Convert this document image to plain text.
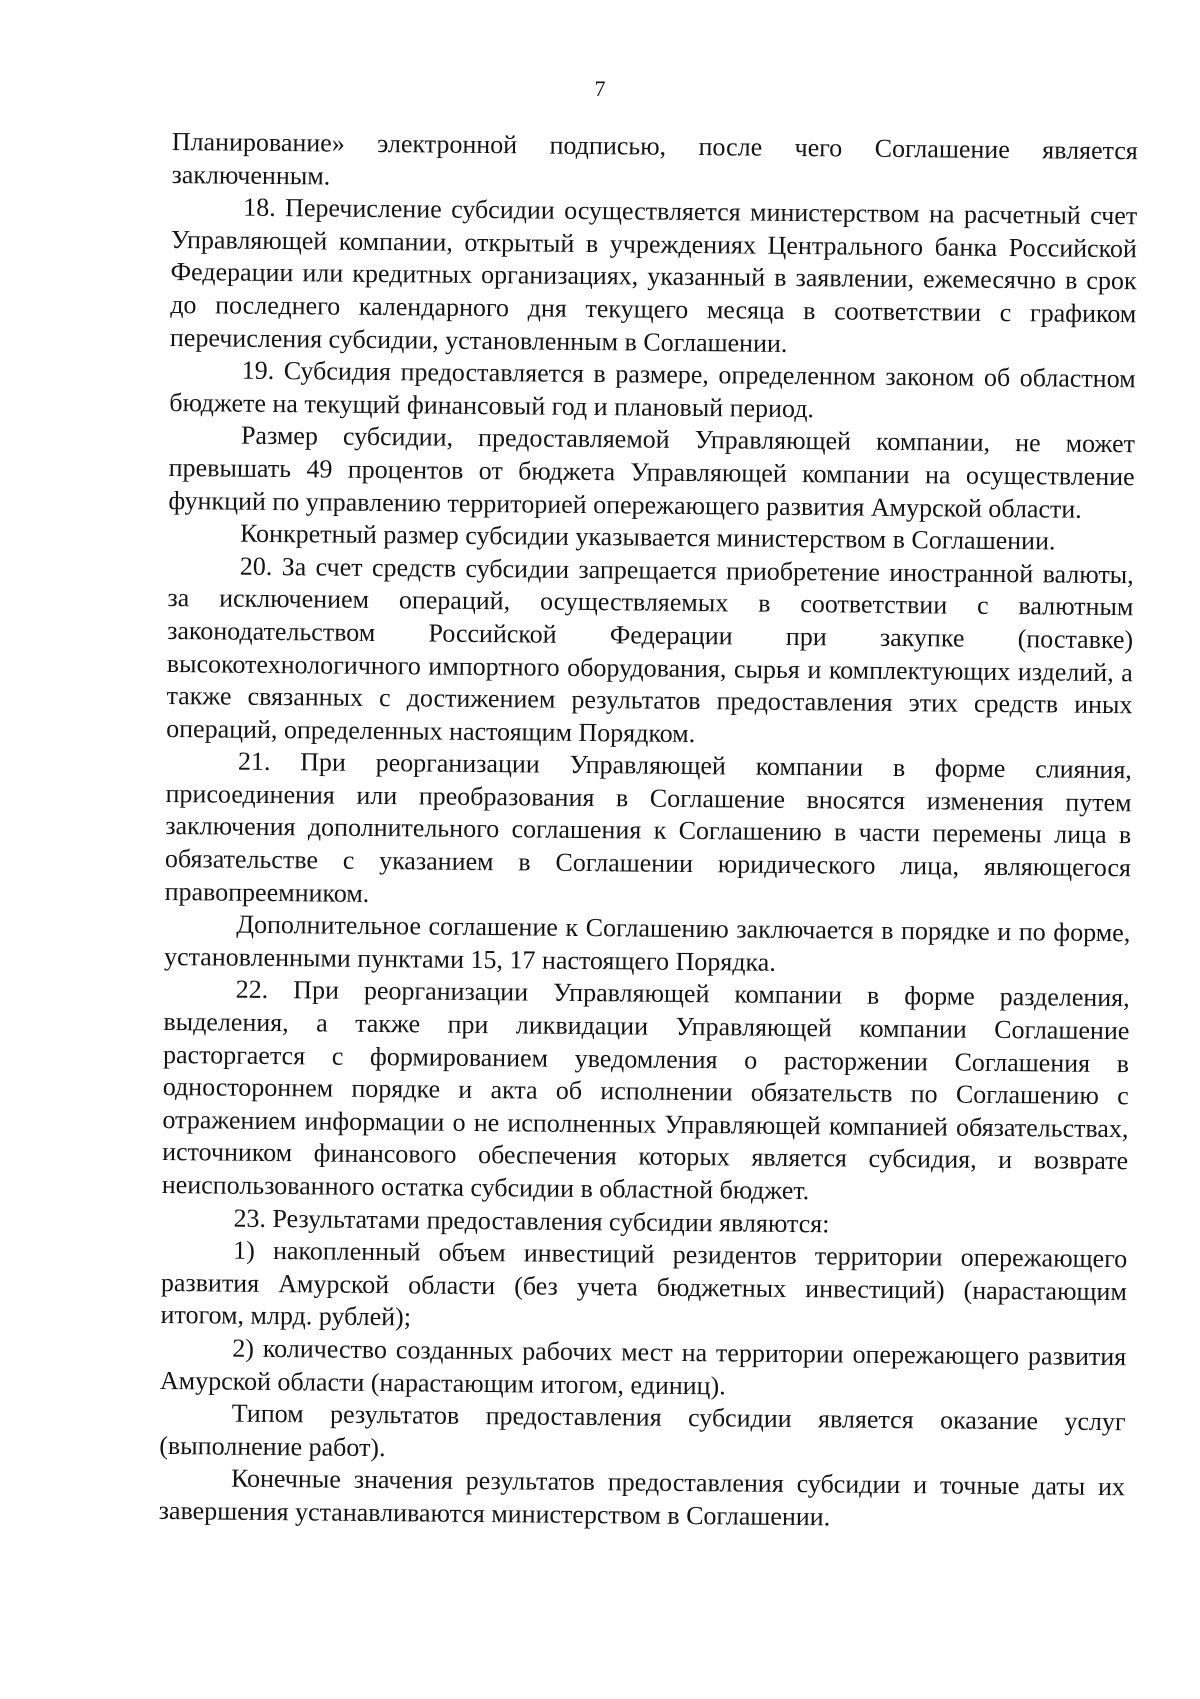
7

Планирование» электронной подписью, после чего Соглашение является заключенным.

18. Перечисление субсидии осуществляется министерством на расчетный счет Управляющей компании, открытый в учреждениях Центрального банка Российской Федерации или кредитных организациях, указанный в заявлении, ежемесячно в срок до последнего календарного дня текущего месяца в соответствии с графиком перечисления субсидии, установленным в Соглашении.

19. Субсидия предоставляется в размере, определенном законом об областном бюджете на текущий финансовый год и плановый период.

Размер субсидии, предоставляемой Управляющей компании, не может превышать 49 процентов от бюджета Управляющей компании на осуществление функций по управлению территорией опережающего развития Амурской области.

Конкретный размер субсидии указывается министерством в Соглашении.

20. За счет средств субсидии запрещается приобретение иностранной валюты, за исключением операций, осуществляемых в соответствии с валютным законодательством Российской Федерации при закупке (поставке) высокотехнологичного импортного оборудования, сырья и комплектующих изделий, а также связанных с достижением результатов предоставления этих средств иных операций, определенных настоящим Порядком.

21. При реорганизации Управляющей компании в форме слияния, присоединения или преобразования в Соглашение вносятся изменения путем заключения дополнительного соглашения к Соглашению в части перемены лица в обязательстве с указанием в Соглашении юридического лица, являющегося правопреемником.

Дополнительное соглашение к Соглашению заключается в порядке и по форме, установленными пунктами 15, 17 настоящего Порядка.

22. При реорганизации Управляющей компании в форме разделения, выделения, а также при ликвидации Управляющей компании Соглашение расторгается с формированием уведомления о расторжении Соглашения в одностороннем порядке и акта об исполнении обязательств по Соглашению с отражением информации о не исполненных Управляющей компанией обязательствах, источником финансового обеспечения которых является субсидия, и возврате неиспользованного остатка субсидии в областной бюджет.

23. Результатами предоставления субсидии являются:

1) накопленный объем инвестиций резидентов территории опережающего развития Амурской области (без учета бюджетных инвестиций) (нарастающим итогом, млрд. рублей);

2) количество созданных рабочих мест на территории опережающего развития Амурской области (нарастающим итогом, единиц).

Типом результатов предоставления субсидии является оказание услуг (выполнение работ).

Конечные значения результатов предоставления субсидии и точные даты их завершения устанавливаются министерством в Соглашении.
